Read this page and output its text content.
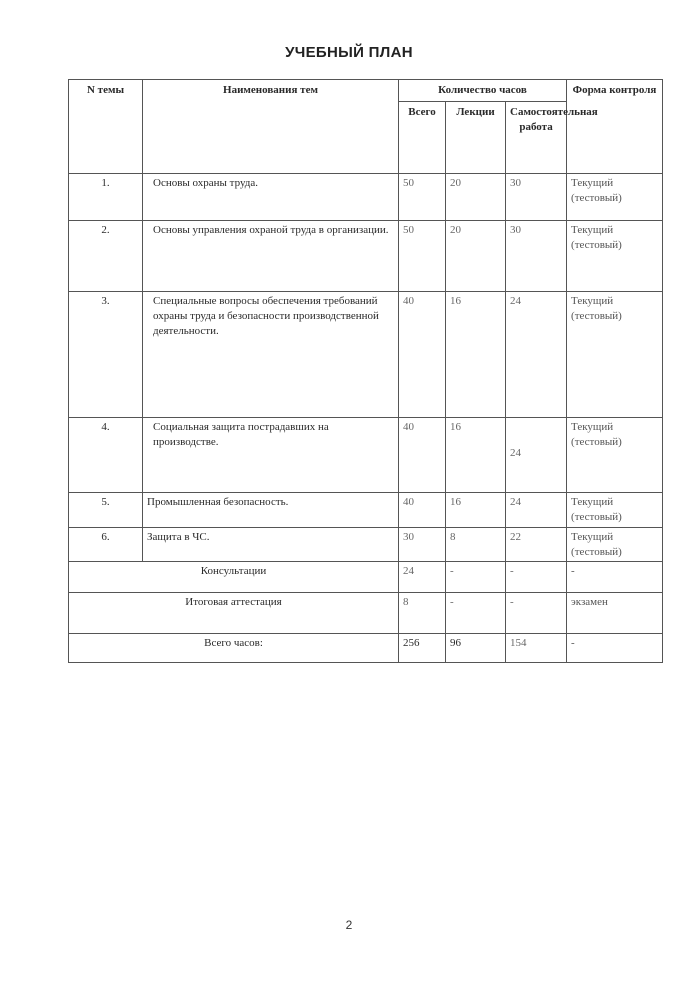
УЧЕБНЫЙ ПЛАН
N темы	Наименования тем	Количество часов			Форма контроля
		Всего	Лекции	Самостоятельная работа	
1.	Основы охраны труда.	50	20	30	Текущий (тестовый)
2.	Основы управления охраной труда в организации.	50	20	30	Текущий (тестовый)
3.	Специальные вопросы обеспечения требований охраны труда и безопасности производственной деятельности.	40	16	24	Текущий (тестовый)
4.	Социальная защита пострадавших на производстве.	40	16	24	Текущий (тестовый)
5.	Промышленная безопасность.	40	16	24	Текущий (тестовый)
6.	Защита в ЧС.	30	8	22	Текущий (тестовый)
Консультации		24	-	-	-
Итоговая аттестация		8	-	-	экзамен
Всего часов:		256	96	154	-
2
